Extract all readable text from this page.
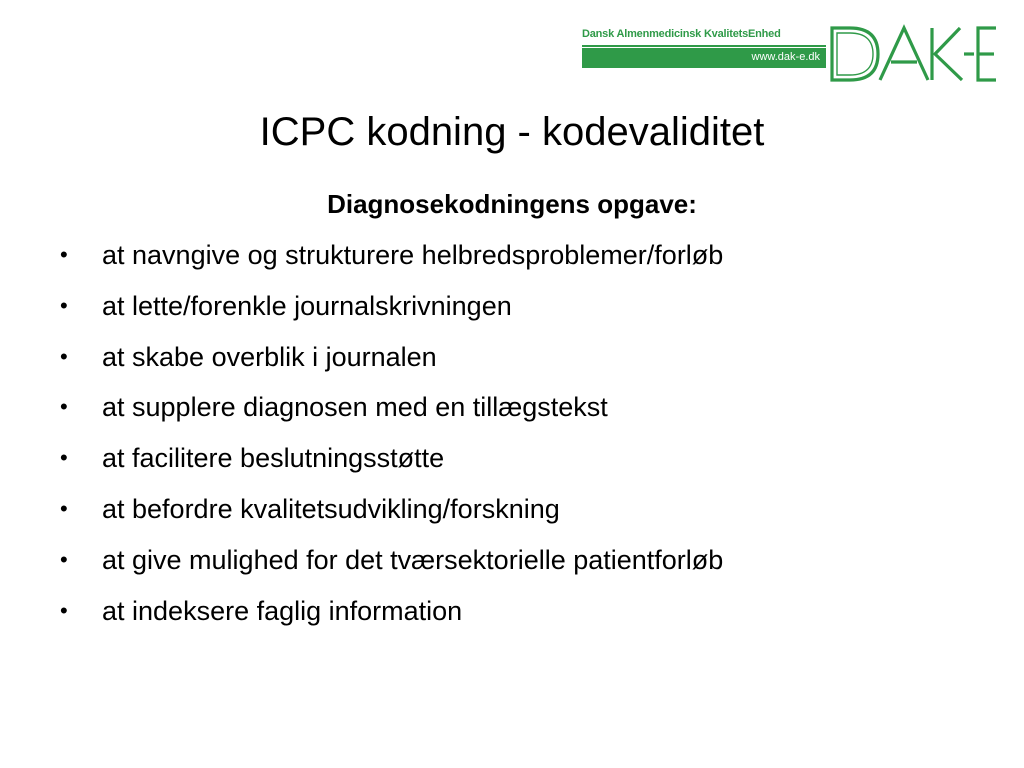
Dansk Almenmedicinsk KvalitetsEnhed
www.dak-e.dk
ICPC kodning - kodevaliditet
Diagnosekodningens opgave:
•	at navngive og strukturere helbredsproblemer/forløb
•	at lette/forenkle journalskrivningen
•	at skabe overblik i journalen
•	at supplere diagnosen med en tillægstekst
•	at facilitere beslutningsstøtte
•	at befordre kvalitetsudvikling/forskning
•	at give mulighed for det tværsektorielle patientforløb
•	at indeksere faglig information
